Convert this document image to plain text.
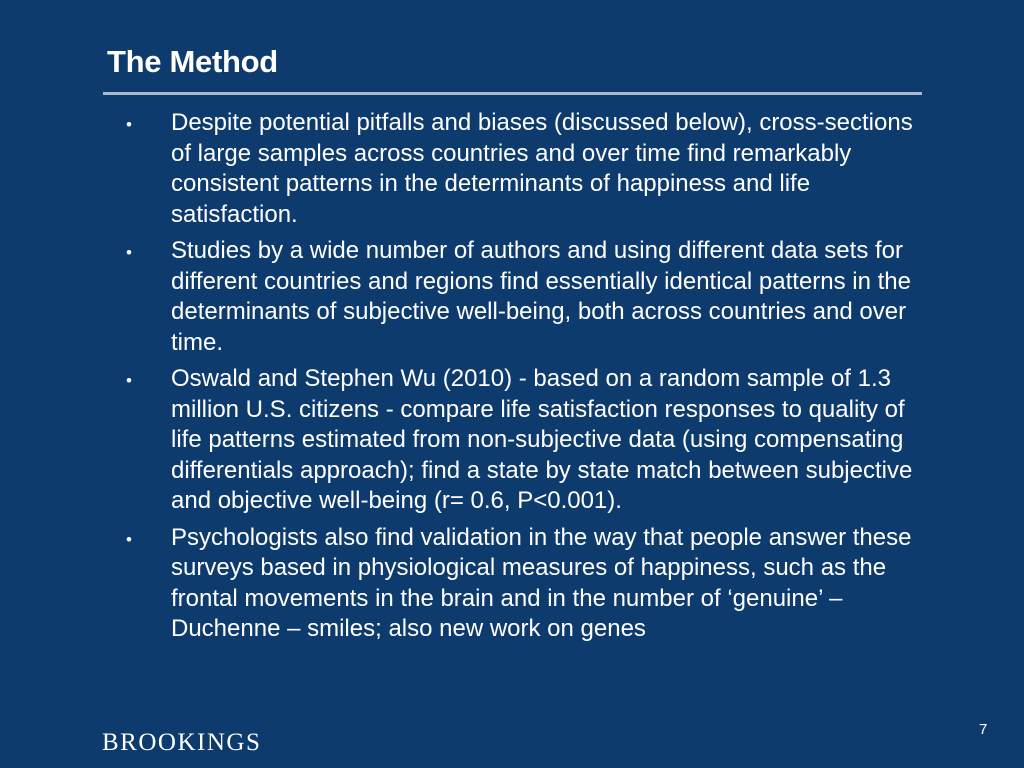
The Method
• Despite potential pitfalls and biases (discussed below), cross-sections of large samples across countries and over time find remarkably consistent patterns in the determinants of happiness and life satisfaction.
• Studies by a wide number of authors and using different data sets for different countries and regions find essentially identical patterns in the determinants of subjective well-being, both across countries and over time.
• Oswald and Stephen Wu (2010) - based on a random sample of 1.3 million U.S. citizens - compare life satisfaction responses to quality of life patterns estimated from non-subjective data (using compensating differentials approach); find a state by state match between subjective and objective well-being (r= 0.6, P<0.001).
• Psychologists also find validation in the way that people answer these surveys based in physiological measures of happiness, such as the frontal movements in the brain and in the number of ‘genuine’ – Duchenne – smiles; also new work on genes
BROOKINGS	7
